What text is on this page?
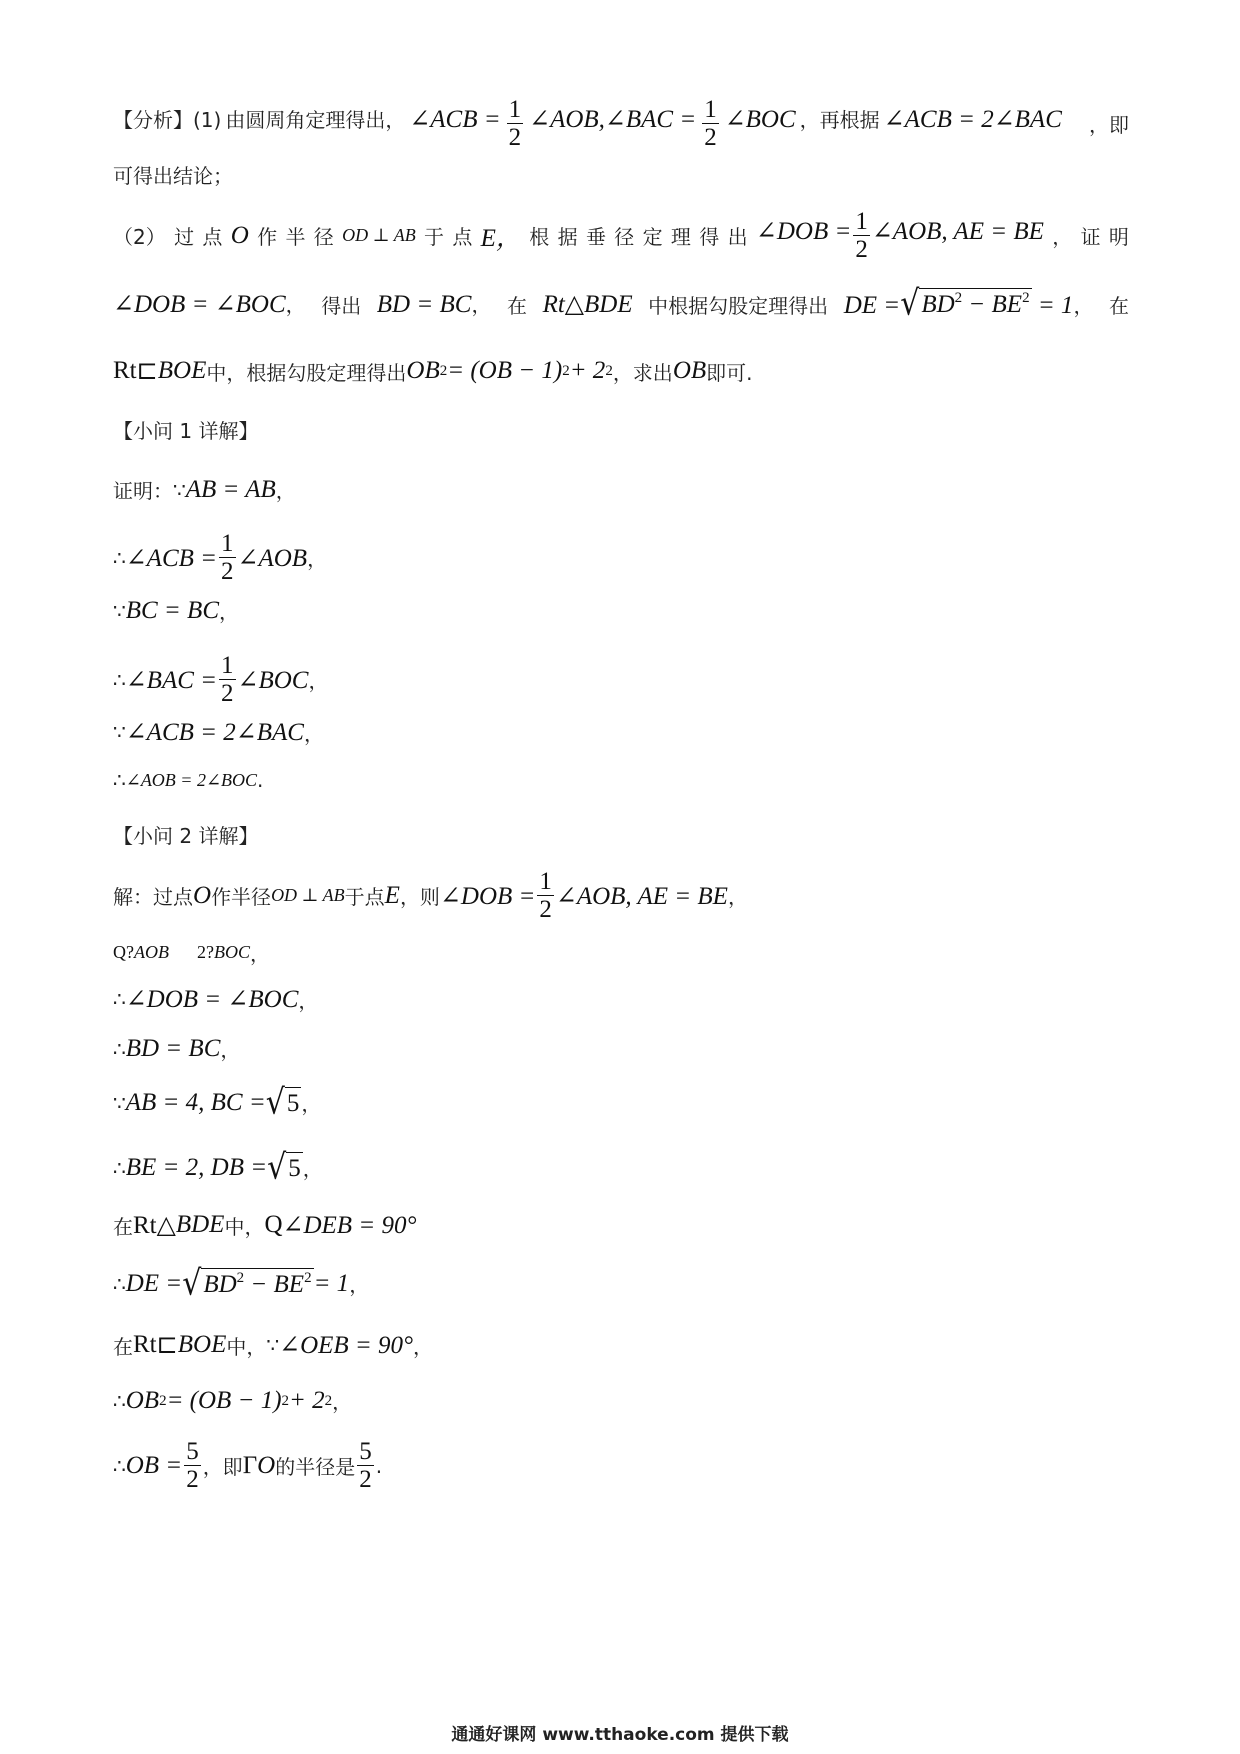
【分析】(1) 由圆周角定理得出， ∠ACB = $\frac{1}{2}$ ∠AOB,∠BAC = $\frac{1}{2}$ ∠BOC ，再根据 ∠ACB = 2∠BAC ，即
可得出结论；
（2） 过 点 O 作 半 径 OD ⊥ AB 于 点 E， 根 据 垂 径 定 理 得 出 ∠DOB = $\frac{1}{2}$ ∠AOB, AE = BE ， 证 明
∠DOB = ∠BOC， 得出 BD = BC， 在 Rt△BDE 中根据勾股定理得出 DE = √ $BD^2 - BE^2 = 1$， 在
Rt ⊏ BOE 中，根据勾股定理得出 OB 2 = (OB − 1) 2 + 2 2 ，求出 OB 即可.
【小问 1 详解】
证明： ∵ AB = AB ，
∴ ∠ACB = $\frac{1}{2}$ ∠AOB ，
∵ BC = BC ，
∴ ∠BAC = $\frac{1}{2}$ ∠BOC ，
∵ ∠ACB = 2∠BAC ，
∴ ∠AOB = 2∠BOC .
【小问 2 详解】
解：过点 O 作半径 OD ⊥ AB 于点 E ，则 ∠DOB = $\frac{1}{2}$ ∠AOB, AE = BE ，
Q? AOB 2? BOC ，
∴ ∠DOB = ∠BOC ，
∴ BD = BC ，
∵ AB = 4, BC = √ 5 ，
∴ BE = 2, DB = √ 5 ，
在 Rt△ BDE 中， Q ∠DEB = 90°
∴ DE = √ $BD^2 - BE^2 = 1$ ，
在 Rt ⊏ BOE 中， ∵ ∠OEB = 90° ，
∴ OB 2 = (OB − 1) 2 + 2 2 ，
∴ OB = $\frac{5}{2}$ ，即 Γ O 的半径是 $\frac{5}{2}$ .
通通好课网 www.tthaoke.com 提供下载
